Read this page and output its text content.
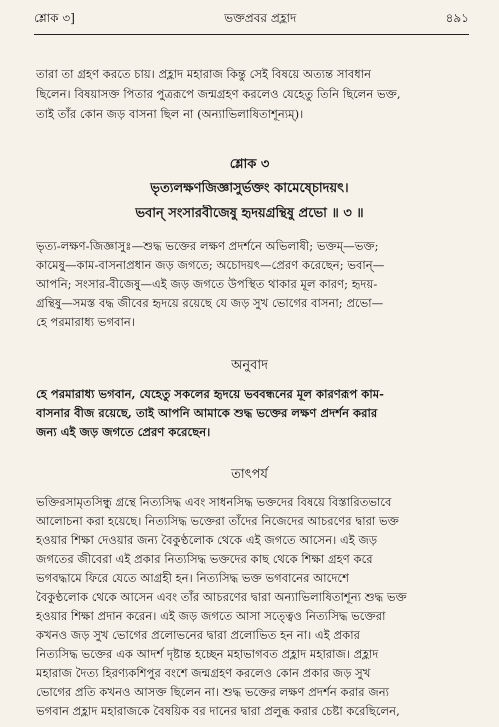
শ্লোক ৩]	ভক্তপ্রবর প্রহ্লাদ	৪৯১
তারা তা গ্রহণ করতে চায়। প্রহ্লাদ মহারাজ কিন্তু সেই বিষয়ে অত্যন্ত সাবধান
ছিলেন। বিষয়াসক্ত পিতার পুত্ররূপে জন্মগ্রহণ করলেও যেহেতু তিনি ছিলেন ভক্ত,
তাই তাঁর কোন জড় বাসনা ছিল না (অন্যাভিলাষিতাশূন্যম্)।
শ্লোক ৩
ভৃত্যলক্ষণজিজ্ঞাসুর্ভক্তং কামেষ্চোদয়ৎ।
ভবান্ সংসারবীজেষু হৃদয়গ্রন্থিষু প্রভো ॥ ৩ ॥
ভৃত্য-লক্ষণ-জিজ্ঞাসুঃ—শুদ্ধ ভক্তের লক্ষণ প্রদর্শনে অভিলাষী; ভক্তম্—ভক্ত;
কামেষু—কাম-বাসনাপ্রধান জড় জগতে; অচোদয়ৎ—প্রেরণ করেছেন; ভবান্—
আপনি; সংসার-বীজেষু—এই জড় জগতে উপস্থিত থাকার মূল কারণ; হৃদয়-
গ্রন্থিষু—সমস্ত বদ্ধ জীবের হৃদয়ে রয়েছে যে জড় সুখ ভোগের বাসনা; প্রভো—
হে পরমারাধ্য ভগবান।
অনুবাদ
হে পরমারাধ্য ভগবান, যেহেতু সকলের হৃদয়ে ভববন্ধনের মূল কারণরূপ কাম-
বাসনার বীজ রয়েছে, তাই আপনি আমাকে শুদ্ধ ভক্তের লক্ষণ প্রদর্শন করার
জন্য এই জড় জগতে প্রেরণ করেছেন।
তাৎপর্য
ভক্তিরসামৃতসিন্ধু গ্রন্থে নিত্যসিদ্ধ এবং সাধনসিদ্ধ ভক্তদের বিষয়ে বিস্তারিতভাবে
আলোচনা করা হয়েছে। নিত্যসিদ্ধ ভক্তেরা তাঁদের নিজেদের আচরণের দ্বারা ভক্ত
হওয়ার শিক্ষা দেওয়ার জন্য বৈকুণ্ঠলোক থেকে এই জগতে আসেন। এই জড়
জগতের জীবেরা এই প্রকার নিত্যসিদ্ধ ভক্তদের কাছ থেকে শিক্ষা গ্রহণ করে
ভগবদ্ধামে ফিরে যেতে আগ্রহী হন। নিত্যসিদ্ধ ভক্ত ভগবানের আদেশে
বৈকুণ্ঠলোক থেকে আসেন এবং তাঁর আচরণের দ্বারা অন্যাভিলাষিতাশূন্য শুদ্ধ ভক্ত
হওয়ার শিক্ষা প্রদান করেন। এই জড় জগতে আসা সত্ত্বেও নিত্যসিদ্ধ ভক্তেরা
কখনও জড় সুখ ভোগের প্রলোভনের দ্বারা প্রলোভিত হন না। এই প্রকার
নিত্যসিদ্ধ ভক্তের এক আদর্শ দৃষ্টান্ত হচ্ছেন মহাভাগবত প্রহ্লাদ মহারাজ। প্রহ্লাদ
মহারাজ দৈত্য হিরণ্যকশিপুর বংশে জন্মগ্রহণ করলেও কোন প্রকার জড় সুখ
ভোগের প্রতি কখনও আসক্ত ছিলেন না। শুদ্ধ ভক্তের লক্ষণ প্রদর্শন করার জন্য
ভগবান প্রহ্লাদ মহারাজকে বৈষয়িক বর দানের দ্বারা প্রলুব্ধ করার চেষ্টা করেছিলেন,
